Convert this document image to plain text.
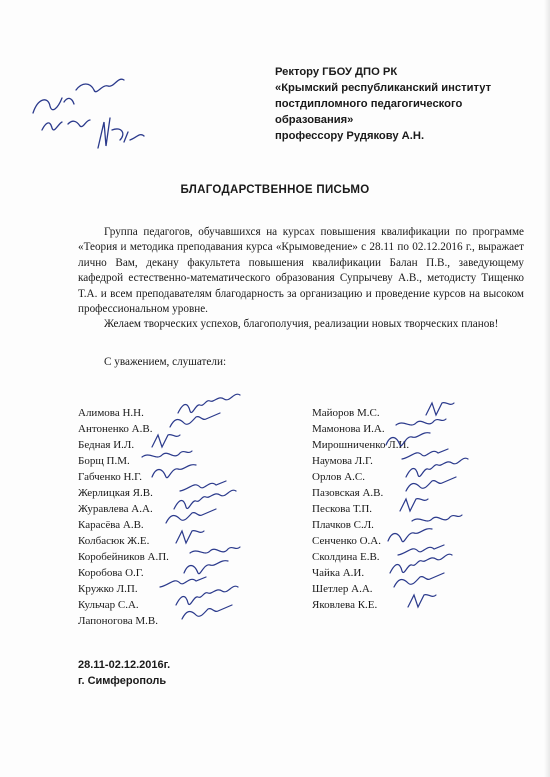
Ректору ГБОУ ДПО РК
«Крымский республиканский институт
постдипломного педагогического
образования»
профессору Рудякову А.Н.
БЛАГОДАРСТВЕННОЕ ПИСЬМО

Группа педагогов, обучавшихся на курсах повышения квалификации по программе «Теория и методика преподавания курса «Крымоведение» с 28.11 по 02.12.2016 г., выражает лично Вам, декану факультета повышения квалификации Балан П.В., заведующему кафедрой естественно-математического образования Супрычеву А.В., методисту Тищенко Т.А. и всем преподавателям благодарность за организацию и проведение курсов на высоком профессиональном уровне.

Желаем творческих успехов, благополучия, реализации новых творческих планов!

С уважением, слушатели:
Алимова Н.Н.
Антоненко А.В.
Бедная И.Л.
Борщ П.М.
Габченко Н.Г.
Жерлицкая Я.В.
Журавлева А.А.
Карасёва А.В.
Колбасюк Ж.Е.
Коробейников А.П.
Коробова О.Г.
Кружко Л.П.
Кульчар С.А.
Лапоногова М.В.
Майоров М.С.
Мамонова И.А.
Мирошниченко Л.И.
Наумова Л.Г.
Орлов А.С.
Пазовская А.В.
Пескова Т.П.
Плачков С.Л.
Сенченко О.А.
Сколдина Е.В.
Чайка А.И.
Шетлер А.А.
Яковлева К.Е.
28.11-02.12.2016г.
г. Симферополь
